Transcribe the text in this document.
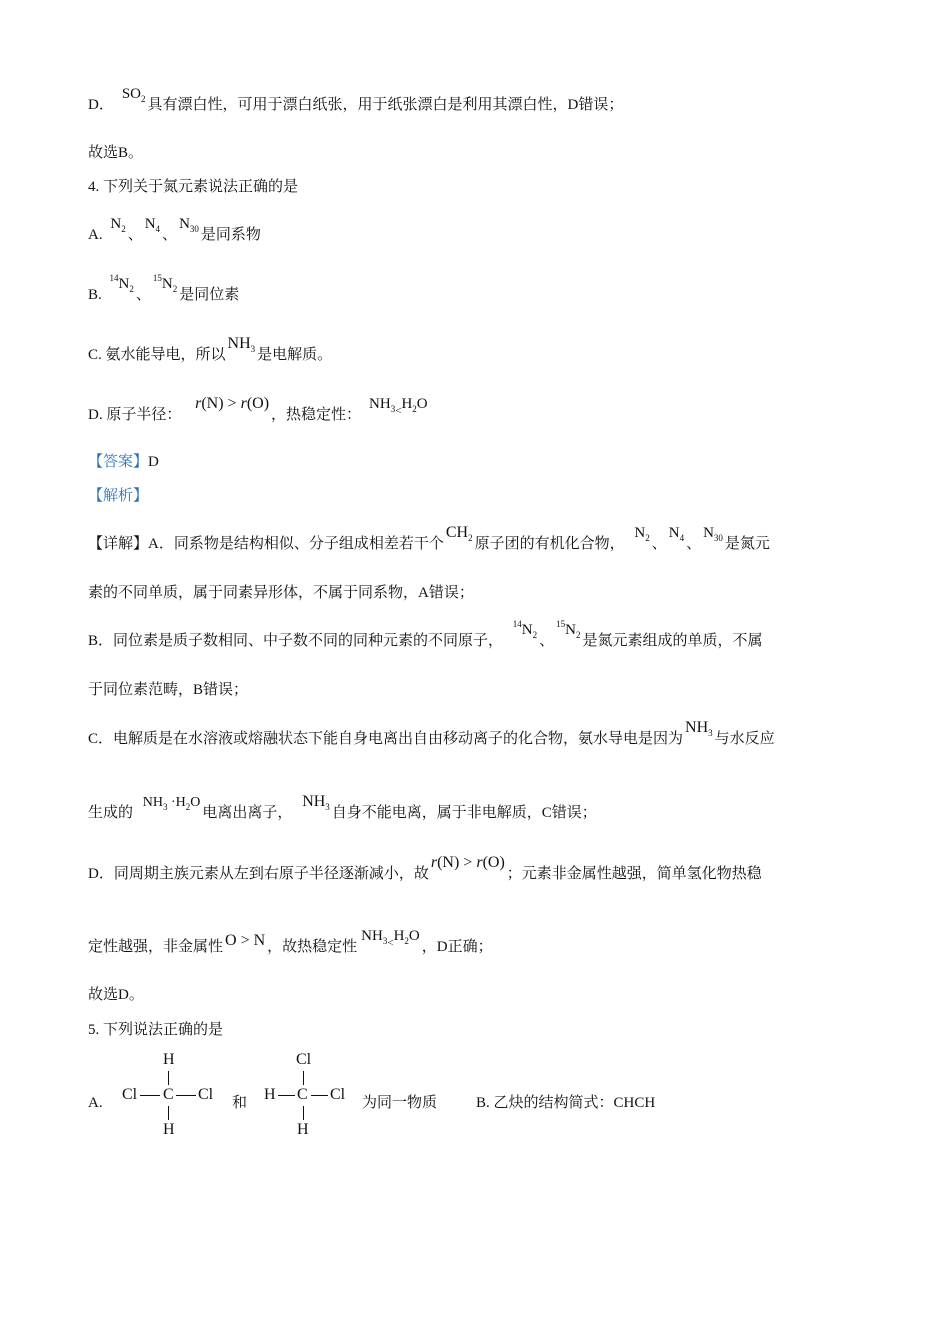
D．$SO_2$ 具有漂白性，可用于漂白纸张，用于纸张漂白是利用其漂白性，D错误；
故选B。
4. 下列关于氮元素说法正确的是
A. $N_2$ 、$N_4$ 、$N_{30}$ 是同系物
B. $^{14}N_2$ 、$^{15}N_2$ 是同位素
C. 氨水能导电，所以$NH_3$ 是电解质。
D. 原子半径： r(N) > r(O)，热稳定性：$NH_{3<}H_2O$
【答案】D
【解析】
【详解】A．同系物是结构相似、分子组成相差若干个$CH_2$ 原子团的有机化合物， $N_2$ 、$N_4$ 、$N_{30}$ 是氮元
素的不同单质，属于同素异形体，不属于同系物，A错误；
B．同位素是质子数相同、中子数不同的同种元素的不同原子， $^{14}N_2$ 、$^{15}N_2$ 是氮元素组成的单质，不属
于同位素范畴，B错误；
C．电解质是在水溶液或熔融状态下能自身电离出自由移动离子的化合物，氨水导电是因为$NH_3$ 与水反应
生成的 $NH_3 \cdot H_2O$电离出离子， $NH_3$ 自身不能电离，属于非电解质，C错误；
D．同周期主族元素从左到右原子半径逐渐减小，故r(N) > r(O)；元素非金属性越强，简单氢化物热稳
定性越强，非金属性 O > N ，故热稳定性$NH_{3<}H_2O$，D正确；
故选D。
5. 下列说法正确的是
A.
H
Cl C Cl
H
和
Cl
H C Cl
H
为同一物质	B. 乙炔的结构简式：CHCH
